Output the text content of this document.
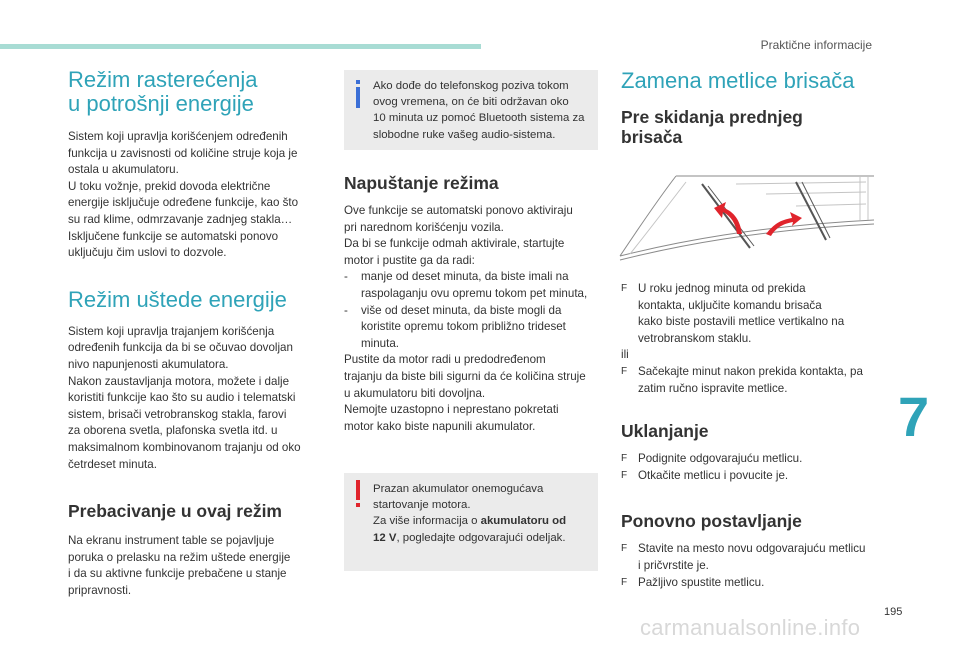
Praktične informacije
Režim rasterećenja
u potrošnji energije

Sistem koji upravlja korišćenjem određenih

funkcija u zavisnosti od količine struje koja je

ostala u akumulatoru.

U toku vožnje, prekid dovoda električne

energije isključuje određene funkcije, kao što

su rad klime, odmrzavanje zadnjeg stakla…

Isključene funkcije se automatski ponovo

uključuju čim uslovi to dozvole.

Režim uštede energije

Sistem koji upravlja trajanjem korišćenja

određenih funkcija da bi se očuvao dovoljan

nivo napunjenosti akumulatora.

Nakon zaustavljanja motora, možete i dalje

koristiti funkcije kao što su audio i telematski

sistem, brisači vetrobranskog stakla, farovi

za oborena svetla, plafonska svetla itd. u

maksimalnom kombinovanom trajanju od oko

četrdeset minuta.

Prebacivanje u ovaj režim

Na ekranu instrument table se pojavljuje

poruka o prelasku na režim uštede energije

i da su aktivne funkcije prebačene u stanje

pripravnosti.

Ako dođe do telefonskog poziva tokom

ovog vremena, on će biti održavan oko

10 minuta uz pomoć Bluetooth sistema za

slobodne ruke vašeg audio-sistema.

Napuštanje režima

Ove funkcije se automatski ponovo aktiviraju

pri narednom korišćenju vozila.

Da bi se funkcije odmah aktivirale, startujte

motor i pustite ga da radi:

-	manje od deset minuta, da biste imali na

raspolaganju ovu opremu tokom pet minuta,

-	više od deset minuta, da biste mogli da

koristite opremu tokom približno trideset

minuta.

Pustite da motor radi u predodređenom

trajanju da biste bili sigurni da će količina struje

u akumulatoru biti dovoljna.

Nemojte uzastopno i neprestano pokretati

motor kako biste napunili akumulator.

Prazan akumulator onemogućava

startovanje motora.

Za više informacija o akumulatoru od

12 V, pogledajte odgovarajući odeljak.

Zamena metlice brisača
Pre skidanja prednjeg
brisača
F U roku jednog minuta od prekida

kontakta, uključite komandu brisača

kako biste postavili metlice vertikalno na

vetrobranskom staklu.

ili

F Sačekajte minut nakon prekida kontakta, pa

zatim ručno ispravite metlice.

Uklanjanje
F Podignite odgovarajuću metlicu.

F Otkačite metlicu i povucite je.

Ponovno postavljanje
F Stavite na mesto novu odgovarajuću metlicu

i pričvrstite je.

F Pažljivo spustite metlicu.

7
195
carmanualsonline.info
